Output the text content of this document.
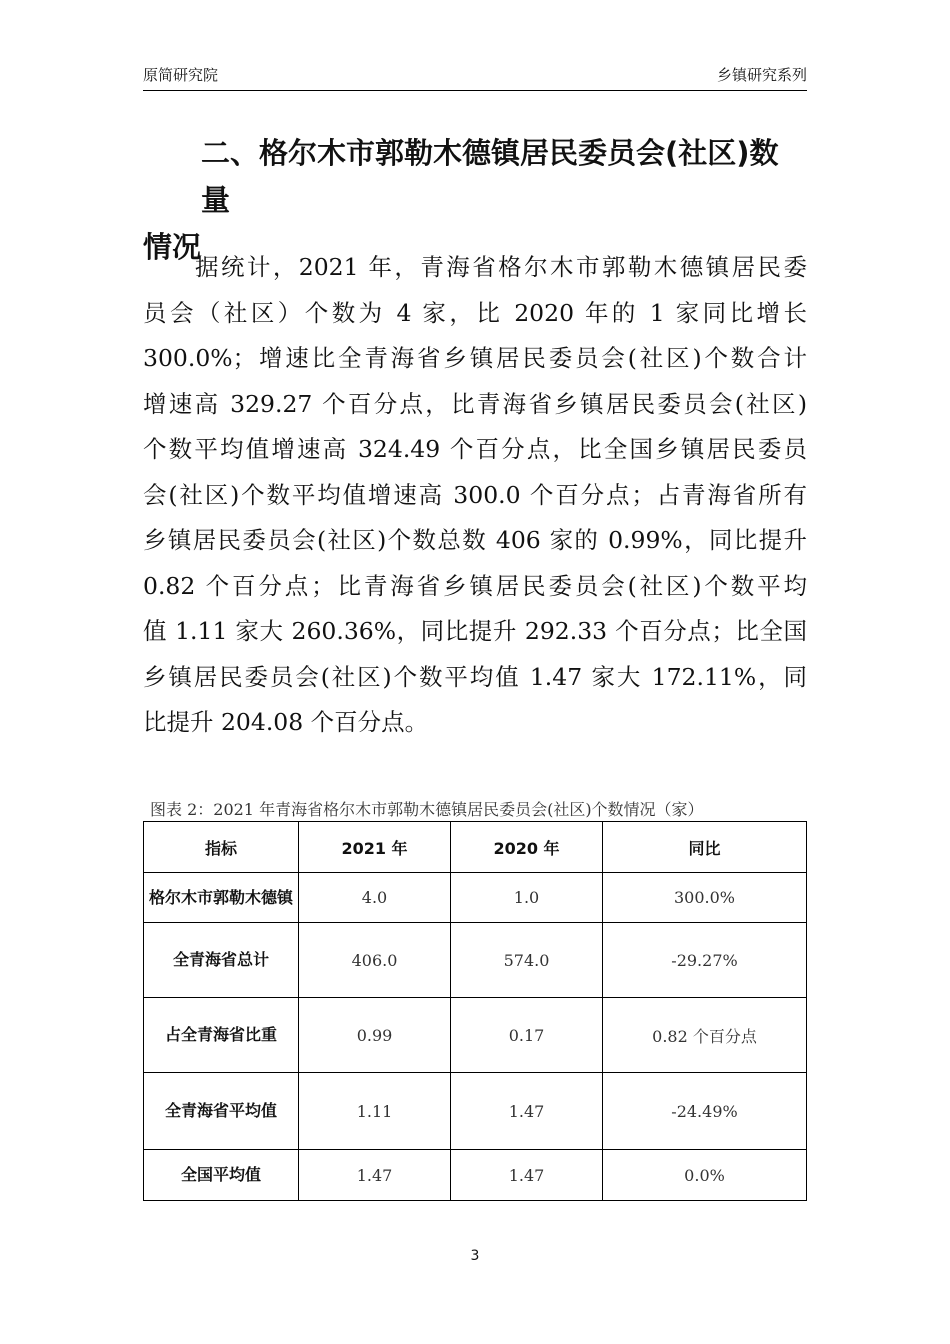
原简研究院	乡镇研究系列
二、格尔木市郭勒木德镇居民委员会(社区)数量
情况
据统计，2021 年，青海省格尔木市郭勒木德镇居民委
员会（社区）个数为 4 家，比 2020 年的 1 家同比增长
300.0%；增速比全青海省乡镇居民委员会(社区)个数合计
增速高 329.27 个百分点，比青海省乡镇居民委员会(社区)
个数平均值增速高 324.49 个百分点，比全国乡镇居民委员
会(社区)个数平均值增速高 300.0 个百分点；占青海省所有
乡镇居民委员会(社区)个数总数 406 家的 0.99%，同比提升
0.82 个百分点；比青海省乡镇居民委员会(社区)个数平均
值 1.11 家大 260.36%，同比提升 292.33 个百分点；比全国
乡镇居民委员会(社区)个数平均值 1.47 家大 172.11%，同
比提升 204.08 个百分点。
图表 2：2021 年青海省格尔木市郭勒木德镇居民委员会(社区)个数情况（家）
指标	2021 年	2020 年	同比
格尔木市郭勒木德镇	4.0	1.0	300.0%
全青海省总计	406.0	574.0	-29.27%
占全青海省比重	0.99	0.17	0.82 个百分点
全青海省平均值	1.11	1.47	-24.49%
全国平均值	1.47	1.47	0.0%
3
